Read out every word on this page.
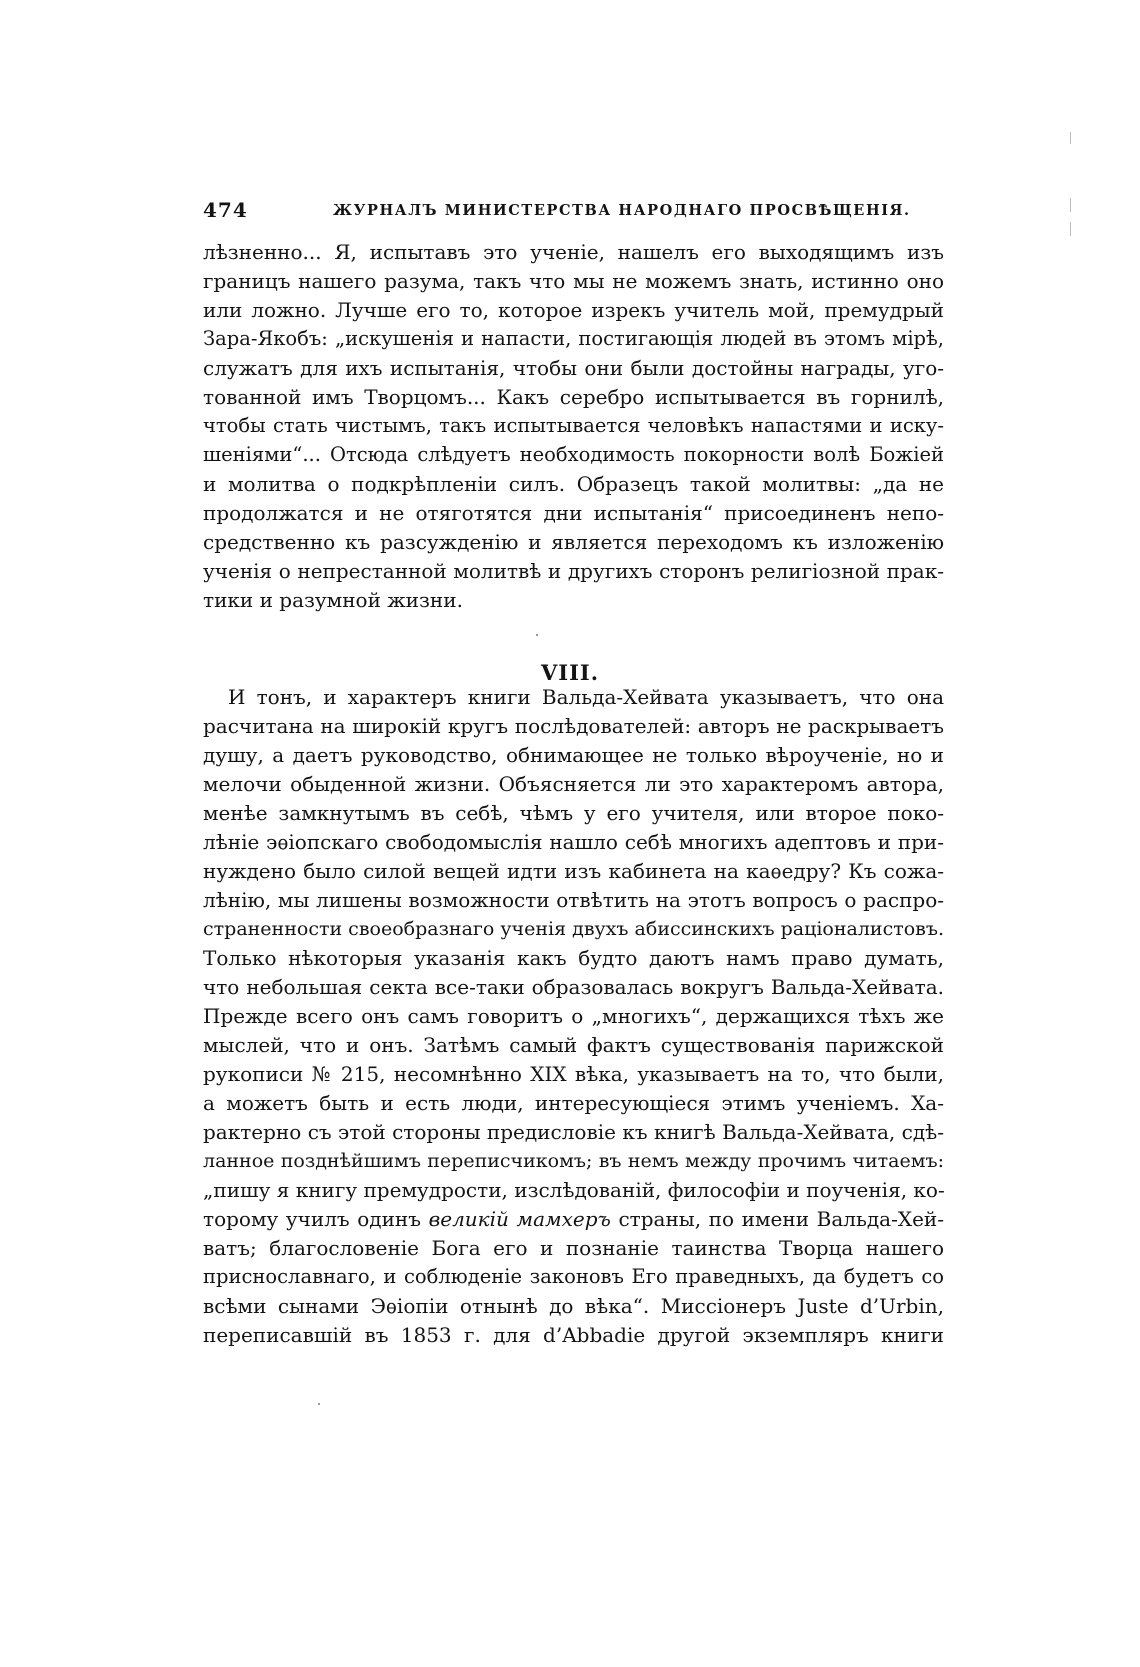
474	ЖУРНАЛЪ МИНИСТЕРСТВА НАРОДНАГО ПРОСВѢЩЕНІЯ.
лѣзненно... Я, испытавъ это ученіе, нашелъ его выходящимъ изъ
границъ нашего разума, такъ что мы не можемъ знать, истинно оно
или ложно. Лучше его то, которое изрекъ учитель мой, премудрый
Зара-Якобъ: „искушенія и напасти, постигающія людей въ этомъ мірѣ,
служатъ для ихъ испытанія, чтобы они были достойны награды, уго-
тованной имъ Творцомъ... Какъ серебро испытывается въ горнилѣ,
чтобы стать чистымъ, такъ испытывается человѣкъ напастями и иску-
шеніями“... Отсюда слѣдуетъ необходимость покорности волѣ Божіей
и молитва о подкрѣпленіи силъ. Образецъ такой молитвы: „да не
продолжатся и не отяготятся дни испытанія“ присоединенъ непо-
средственно къ разсужденію и является переходомъ къ изложенію
ученія о непрестанной молитвѣ и другихъ сторонъ религіозной прак-
тики и разумной жизни.
VIII.
И тонъ, и характеръ книги Вальда-Хейвата указываетъ, что она
расчитана на широкій кругъ послѣдователей: авторъ не раскрываетъ
душу, а даетъ руководство, обнимающее не только вѣроученіе, но и
мелочи обыденной жизни. Объясняется ли это характеромъ автора,
менѣе замкнутымъ въ себѣ, чѣмъ у его учителя, или второе поко-
лѣніе эѳіопскаго свободомыслія нашло себѣ многихъ адептовъ и при-
нуждено было силой вещей идти изъ кабинета на каѳедру? Къ сожа-
лѣнію, мы лишены возможности отвѣтить на этотъ вопросъ о распро-
страненности своеобразнаго ученія двухъ абиссинскихъ раціоналистовъ.
Только нѣкоторыя указанія какъ будто даютъ намъ право думать,
что небольшая секта все-таки образовалась вокругъ Вальда-Хейвата.
Прежде всего онъ самъ говоритъ о „многихъ“, держащихся тѣхъ же
мыслей, что и онъ. Затѣмъ самый фактъ существованія парижской
рукописи № 215, несомнѣнно XIX вѣка, указываетъ на то, что были,
а можетъ быть и есть люди, интересующіеся этимъ ученіемъ. Ха-
рактерно съ этой стороны предисловіе къ книгѣ Вальда-Хейвата, сдѣ-
ланное позднѣйшимъ переписчикомъ; въ немъ между прочимъ читаемъ:
„пишу я книгу премудрости, изслѣдованій, философіи и поученія, ко-
торому училъ одинъ великій мамхеръ страны, по имени Вальда-Хей-
ватъ; благословеніе Бога его и познаніе таинства Творца нашего
приснославнаго, и соблюденіе законовъ Его праведныхъ, да будетъ со
всѣми сынами Эѳіопіи отнынѣ до вѣка“. Миссіонеръ Juste d’Urbin,
переписавшій въ 1853 г. для d’Abbadie другой экземпляръ книги
